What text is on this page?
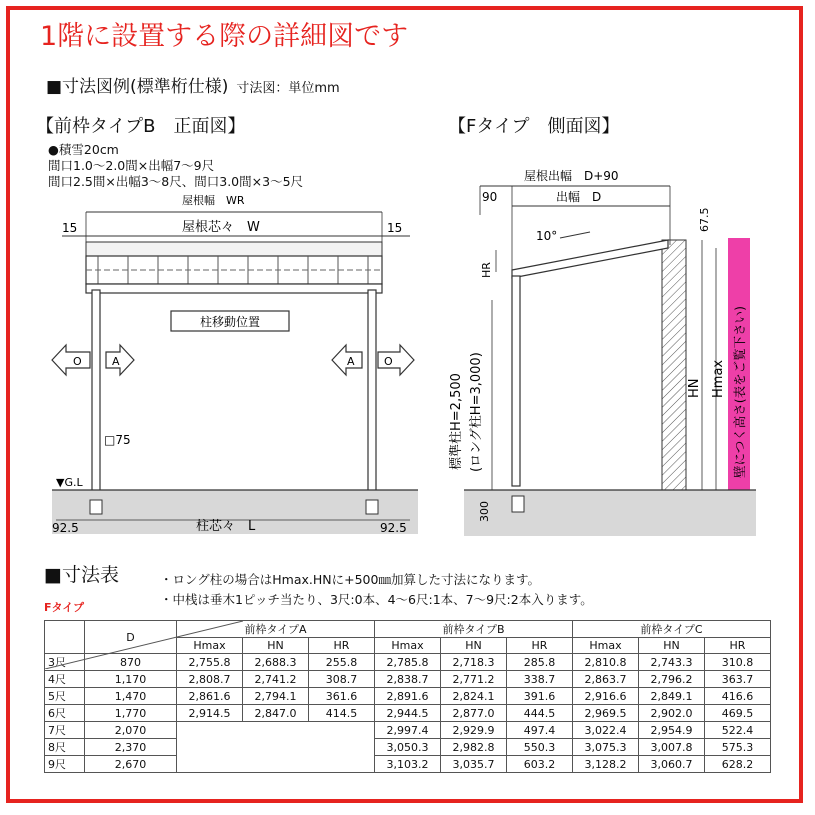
1階に設置する際の詳細図です
■寸法図例(標準桁仕様) 寸法図：単位mm
【前枠タイプB　正面図】	【Fタイプ　側面図】
●積雪20cm
間口1.0〜2.0間×出幅7〜9尺
間口2.5間×出幅3〜8尺、間口3.0間×3〜5尺
屋根幅　WR
15	15
屋根芯々　W
柱移動位置
O	A	A	O
□75
▼G.L
92.5	92.5
柱芯々　L
屋根出幅　D+90
90	出幅　D
10°
HR
標準柱H=2,500 (ロング柱H=3,000)
67.5
HN Hmax 壁につく高さ(表をご覧下さい)
300
■寸法表	・ロング柱の場合はHmax.HNに+500㎜加算した寸法になります。
・中桟は垂木1ピッチ当たり、3尺:0本、4〜6尺:1本、7〜9尺:2本入ります。
Fタイプ
	D	前枠タイプA			前枠タイプB			前枠タイプC		
		Hmax	HN	HR	Hmax	HN	HR	Hmax	HN	HR
3尺	870	2,755.8	2,688.3	255.8	2,785.8	2,718.3	285.8	2,810.8	2,743.3	310.8
4尺	1,170	2,808.7	2,741.2	308.7	2,838.7	2,771.2	338.7	2,863.7	2,796.2	363.7
5尺	1,470	2,861.6	2,794.1	361.6	2,891.6	2,824.1	391.6	2,916.6	2,849.1	416.6
6尺	1,770	2,914.5	2,847.0	414.5	2,944.5	2,877.0	444.5	2,969.5	2,902.0	469.5
7尺	2,070				2,997.4	2,929.9	497.4	3,022.4	2,954.9	522.4
8尺	2,370				3,050.3	2,982.8	550.3	3,075.3	3,007.8	575.3
9尺	2,670				3,103.2	3,035.7	603.2	3,128.2	3,060.7	628.2
